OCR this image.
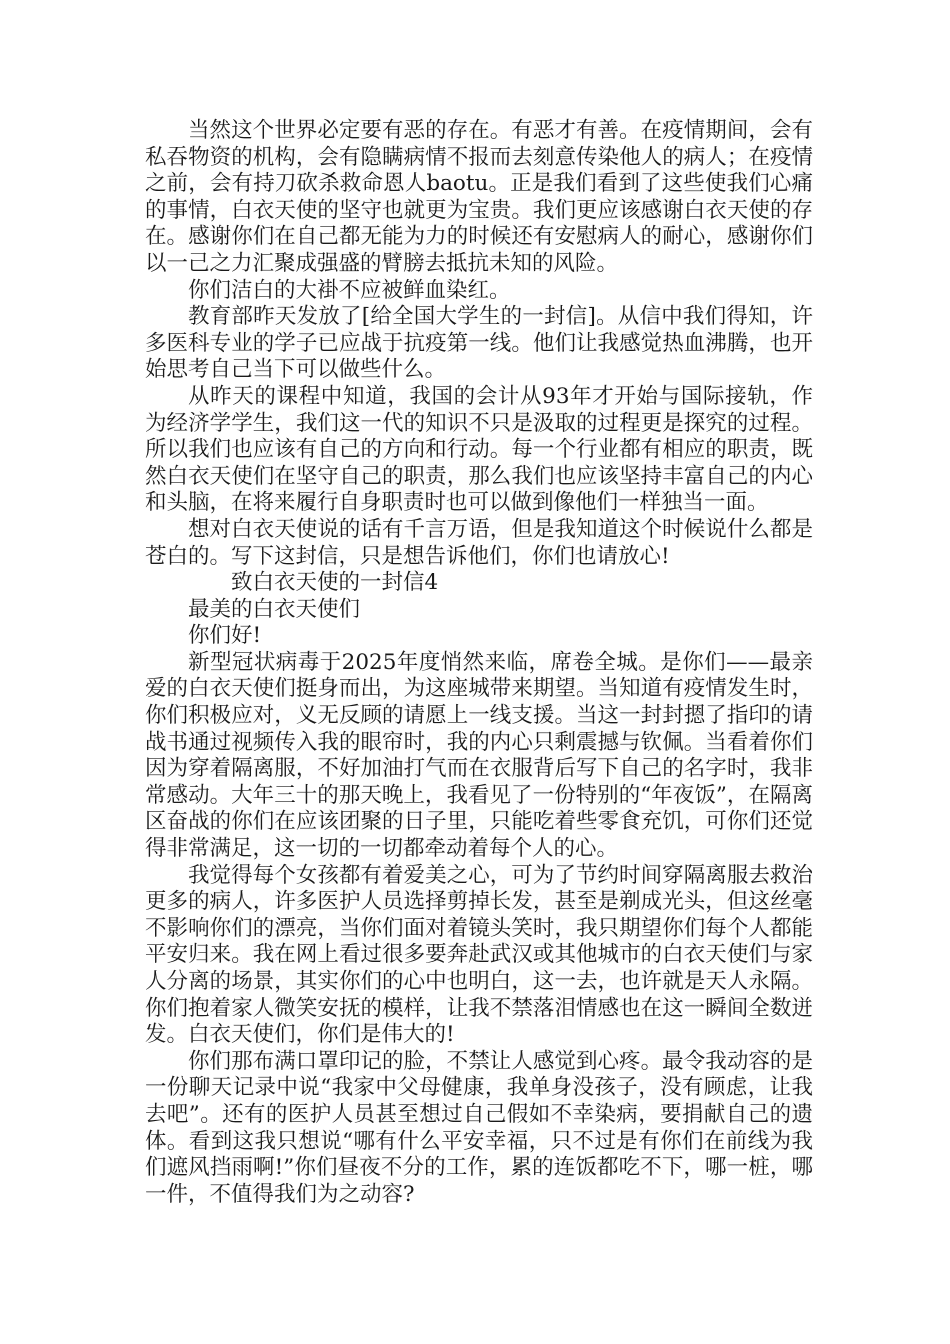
当然这个世界必定要有恶的存在。有恶才有善。在疫情期间，会有私吞物资的机构，会有隐瞒病情不报而去刻意传染他人的病人；在疫情之前，会有持刀砍杀救命恩人baotu。正是我们看到了这些使我们心痛的事情，白衣天使的坚守也就更为宝贵。我们更应该感谢白衣天使的存在。感谢你们在自己都无能为力的时候还有安慰病人的耐心，感谢你们以一己之力汇聚成强盛的臂膀去抵抗未知的风险。

你们洁白的大褂不应被鲜血染红。

教育部昨天发放了[给全国大学生的一封信]。从信中我们得知，许多医科专业的学子已应战于抗疫第一线。他们让我感觉热血沸腾，也开始思考自己当下可以做些什么。

从昨天的课程中知道，我国的会计从93年才开始与国际接轨，作为经济学学生，我们这一代的知识不只是汲取的过程更是探究的过程。所以我们也应该有自己的方向和行动。每一个行业都有相应的职责，既然白衣天使们在坚守自己的职责，那么我们也应该坚持丰富自己的内心和头脑，在将来履行自身职责时也可以做到像他们一样独当一面。

想对白衣天使说的话有千言万语，但是我知道这个时候说什么都是苍白的。写下这封信，只是想告诉他们，你们也请放心!

致白衣天使的一封信4

最美的白衣天使们

你们好!

新型冠状病毒于2025年度悄然来临，席卷全城。是你们——最亲爱的白衣天使们挺身而出，为这座城带来期望。当知道有疫情发生时，你们积极应对，义无反顾的请愿上一线支援。当这一封封摁了指印的请战书通过视频传入我的眼帘时，我的内心只剩震撼与钦佩。当看着你们因为穿着隔离服，不好加油打气而在衣服背后写下自己的名字时，我非常感动。大年三十的那天晚上，我看见了一份特别的“年夜饭”，在隔离区奋战的你们在应该团聚的日子里，只能吃着些零食充饥，可你们还觉得非常满足，这一切的一切都牵动着每个人的心。

我觉得每个女孩都有着爱美之心，可为了节约时间穿隔离服去救治更多的病人，许多医护人员选择剪掉长发，甚至是剃成光头，但这丝毫不影响你们的漂亮，当你们面对着镜头笑时，我只期望你们每个人都能平安归来。我在网上看过很多要奔赴武汉或其他城市的白衣天使们与家人分离的场景，其实你们的心中也明白，这一去，也许就是天人永隔。你们抱着家人微笑安抚的模样，让我不禁落泪情感也在这一瞬间全数迸发。白衣天使们，你们是伟大的!

你们那布满口罩印记的脸，不禁让人感觉到心疼。最令我动容的是一份聊天记录中说“我家中父母健康，我单身没孩子，没有顾虑，让我去吧”。还有的医护人员甚至想过自己假如不幸染病，要捐献自己的遗体。看到这我只想说“哪有什么平安幸福，只不过是有你们在前线为我们遮风挡雨啊!”你们昼夜不分的工作，累的连饭都吃不下，哪一桩，哪一件，不值得我们为之动容?
